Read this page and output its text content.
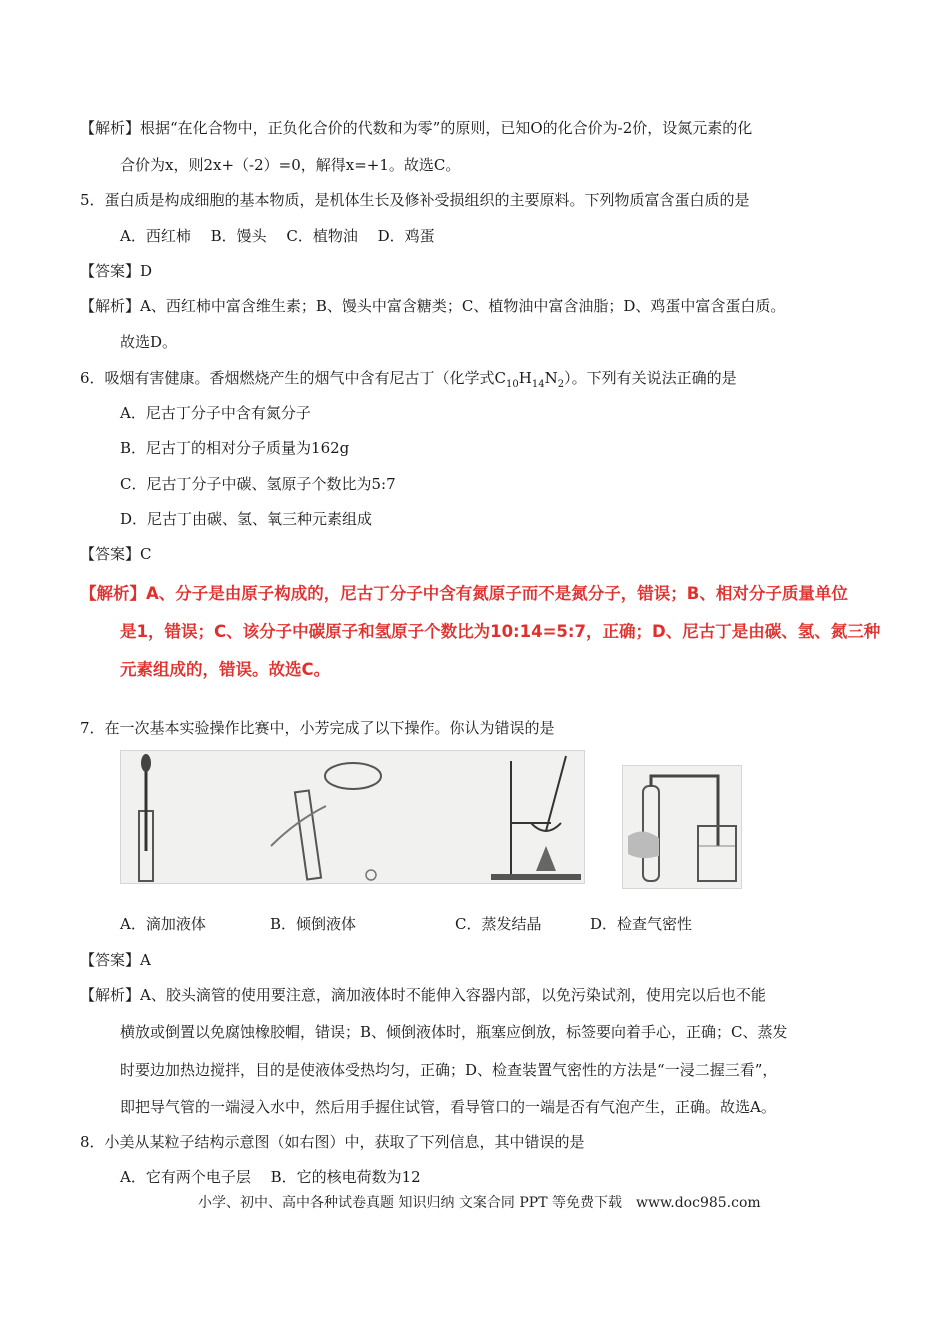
【解析】根据“在化合物中，正负化合价的代数和为零”的原则，已知O的化合价为-2价，设氮元素的化
合价为x，则2x+（-2）=0，解得x=+1。故选C。
5．蛋白质是构成细胞的基本物质，是机体生长及修补受损组织的主要原料。下列物质富含蛋白质的是
A．西红柿　 B．馒头　 C．植物油　 D．鸡蛋
【答案】D
【解析】A、西红柿中富含维生素；B、馒头中富含糖类；C、植物油中富含油脂；D、鸡蛋中富含蛋白质。
故选D。
6．吸烟有害健康。香烟燃烧产生的烟气中含有尼古丁（化学式$C_{10}H_{14}N_2$）。下列有关说法正确的是
A．尼古丁分子中含有氮分子
B．尼古丁的相对分子质量为162g
C．尼古丁分子中碳、氢原子个数比为5:7
D．尼古丁由碳、氢、氧三种元素组成
【答案】C
【解析】A、分子是由原子构成的，尼古丁分子中含有氮原子而不是氮分子，错误；B、相对分子质量单位
是1，错误；C、该分子中碳原子和氢原子个数比为10:14=5:7，正确；D、尼古丁是由碳、氢、氮三种
元素组成的，错误。故选C。
7．在一次基本实验操作比赛中，小芳完成了以下操作。你认为错误的是
A．滴加液体	B．倾倒液体	C．蒸发结晶	D．检查气密性
【答案】A
【解析】A、胶头滴管的使用要注意，滴加液体时不能伸入容器内部，以免污染试剂，使用完以后也不能
横放或倒置以免腐蚀橡胶帽，错误；B、倾倒液体时，瓶塞应倒放，标签要向着手心，正确；C、蒸发
时要边加热边搅拌，目的是使液体受热均匀，正确；D、检查装置气密性的方法是“一浸二握三看”，
即把导气管的一端浸入水中，然后用手握住试管，看导管口的一端是否有气泡产生，正确。故选A。
8．小美从某粒子结构示意图（如右图）中，获取了下列信息，其中错误的是
A．它有两个电子层　 B．它的核电荷数为12
小学、初中、高中各种试卷真题 知识归纳 文案合同 PPT 等免费下载　www.doc985.com
